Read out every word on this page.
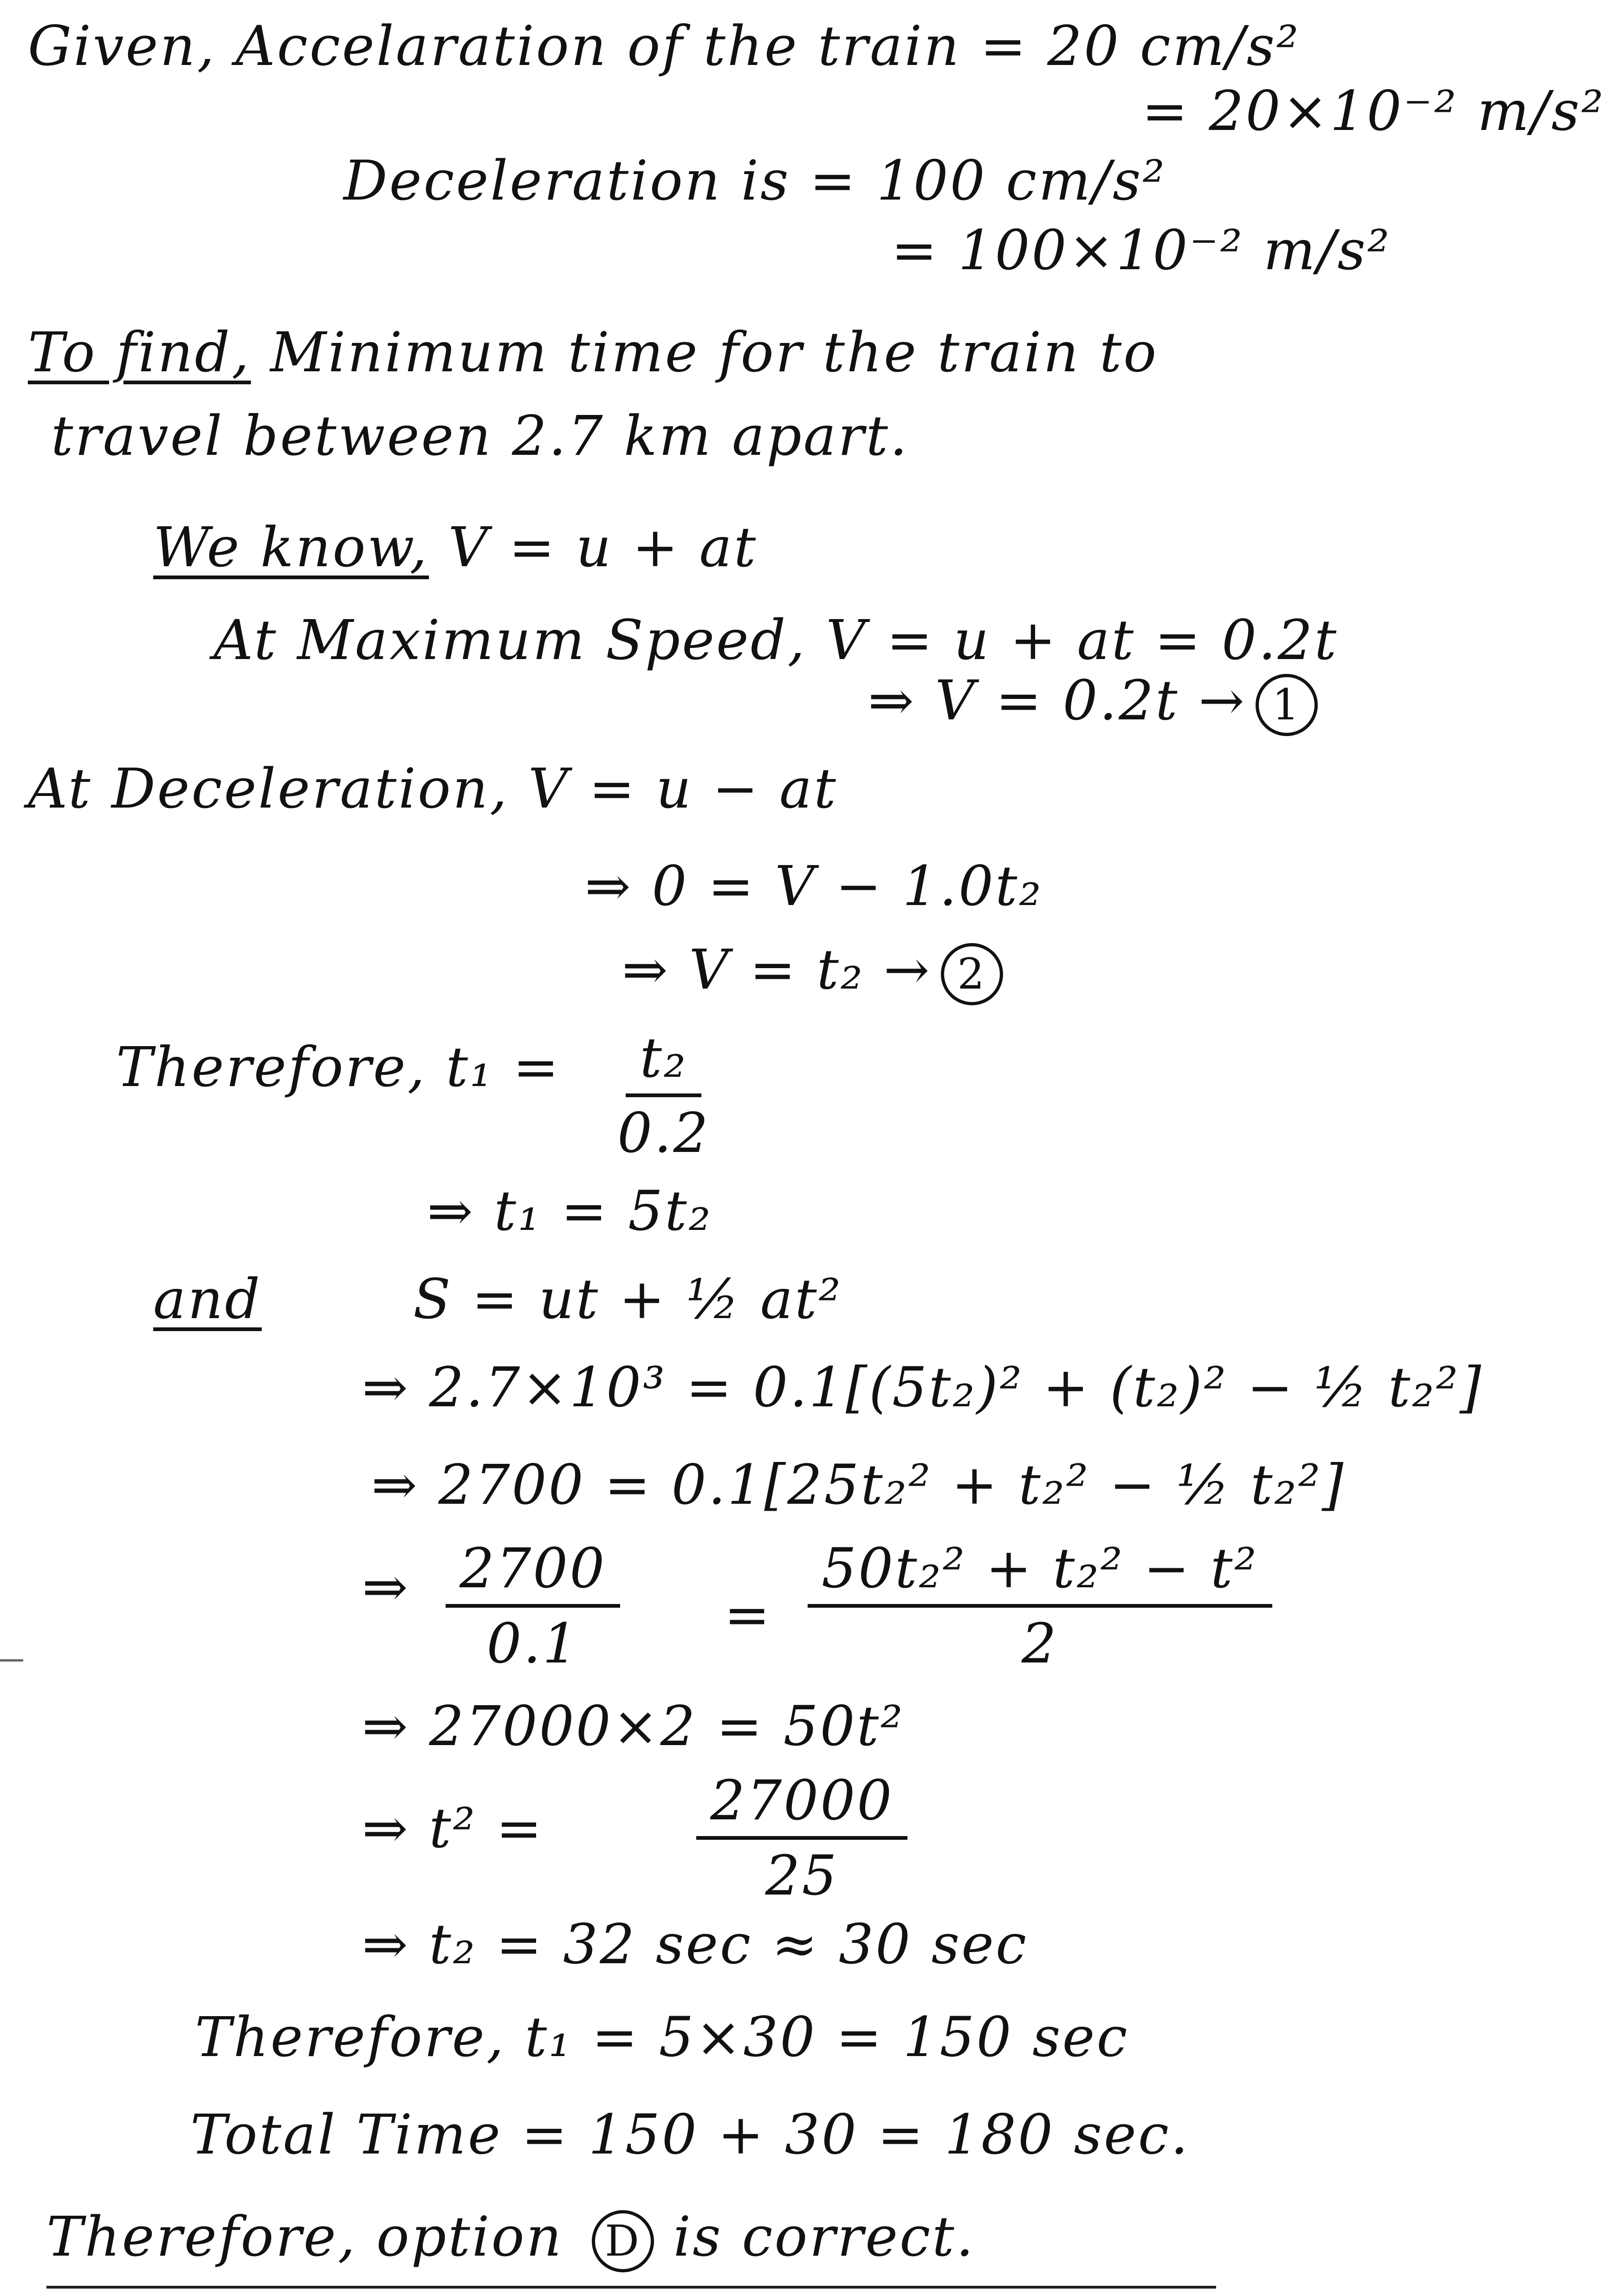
Given, Accelaration of the train = 20 cm/s²
= 20×10⁻² m/s²
Deceleration is = 100 cm/s²
= 100×10⁻² m/s²
To find, Minimum time for the train to
travel between 2.7 km apart.
We know, V = u + at
At Maximum Speed, V = u + at = 0.2t
⇒ V = 0.2t → 1
At Deceleration, V = u − at
⇒ 0 = V − 1.0t₂
⇒ V = t₂ → 2
Therefore, $t_1 = \frac{\text{t₂}}{0.2}$
⇒ t₁ = 5t₂
and	S = ut + ½ at²
⇒ 2.7×10³ = 0.1[(5t₂)² + (t₂)² − ½ t₂²]
⇒ 2700 = 0.1[25t₂² + t₂² − ½ t₂²]
⇒ $\frac{2700}{0.1} = \frac{\text{50t₂² + t₂² − t²}}{2}$
⇒ 27000×2 = 50t²
⇒ t² =	$\frac{27000}{25}$
⇒ t₂ = 32 sec ≈ 30 sec
Therefore, t₁ = 5×30 = 150 sec
Total Time = 150 + 30 = 180 sec.
Therefore, option D is correct.
